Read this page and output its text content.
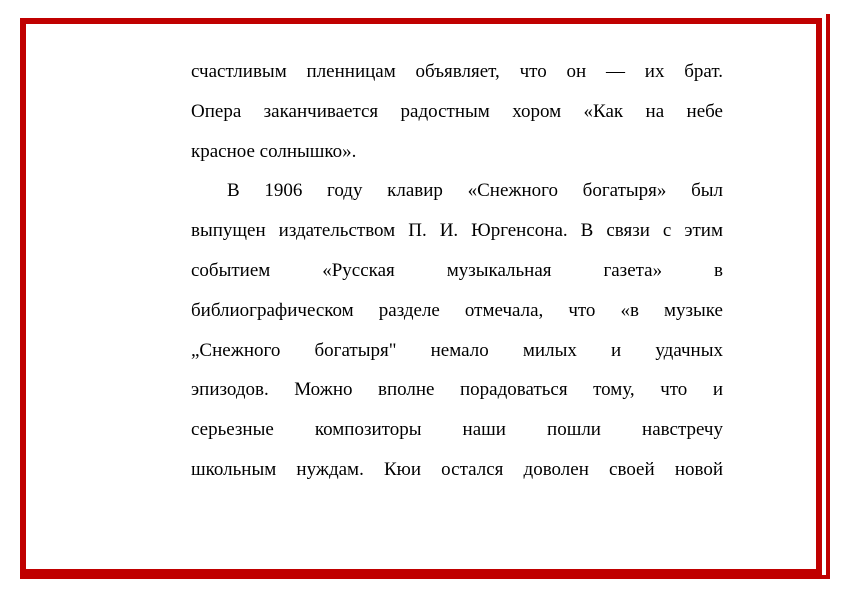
счастливым пленницам объявляет, что он — их брат.
Опера заканчивается радостным хором «Как на небе
красное солнышко».
В 1906 году клавир «Снежного богатыря» был
выпущен издательством П. И. Юргенсона. В связи с этим
событием «Русская музыкальная газета» в
библиографическом разделе отмечала, что «в музыке
„Снежного богатыря" немало милых и удачных
эпизодов. Можно вполне порадоваться тому, что и
серьезные композиторы наши пошли навстречу
школьным нуждам. Кюи остался доволен своей новой
